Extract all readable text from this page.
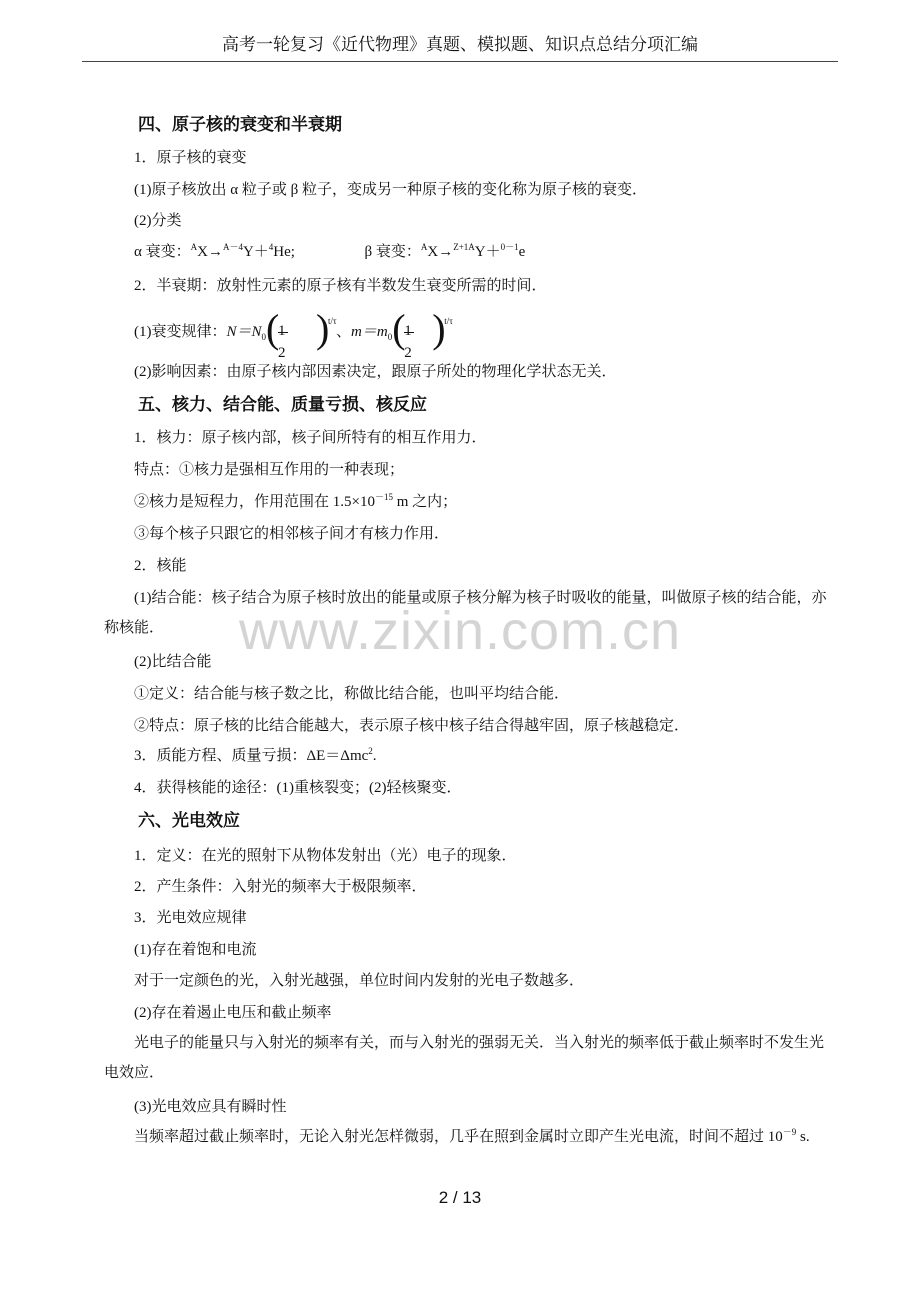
高考一轮复习《近代物理》真题、模拟题、知识点总结分项汇编
四、原子核的衰变和半衰期
1．原子核的衰变
(1)原子核放出 α 粒子或 β 粒子，变成另一种原子核的变化称为原子核的衰变．
(2)分类
α 衰变：$^A$X→$^{A-4}$Y＋$^4$He;	β 衰变：$^A$X→$^{Z+1A}$Y＋$^{0-1}$e
2．半衰期：放射性元素的原子核有半数发生衰变所需的时间．
(1)衰变规律：$N=N_0$ (
1
2
)
t/τ
、$m=m_0$ (
1
2
)
t/τ
(2)影响因素：由原子核内部因素决定，跟原子所处的物理化学状态无关．
五、核力、结合能、质量亏损、核反应
1．核力：原子核内部，核子间所特有的相互作用力．
特点：①核力是强相互作用的一种表现；
②核力是短程力，作用范围在 $1.5\times 10^{-15}$ m 之内；
③每个核子只跟它的相邻核子间才有核力作用．
2．核能
(1)结合能：核子结合为原子核时放出的能量或原子核分解为核子时吸收的能量，叫做原子核的结合能，亦称核能．
(2)比结合能
①定义：结合能与核子数之比，称做比结合能，也叫平均结合能．
②特点：原子核的比结合能越大，表示原子核中核子结合得越牢固，原子核越稳定．
3．质能方程、质量亏损：ΔE＝Δmc$^2$.
4．获得核能的途径：(1)重核裂变；(2)轻核聚变．
六、光电效应
1．定义：在光的照射下从物体发射出（光）电子的现象．
2．产生条件：入射光的频率大于极限频率．
3．光电效应规律
(1)存在着饱和电流
对于一定颜色的光，入射光越强，单位时间内发射的光电子数越多．
(2)存在着遏止电压和截止频率
光电子的能量只与入射光的频率有关，而与入射光的强弱无关．当入射光的频率低于截止频率时不发生光电效应．
(3)光电效应具有瞬时性
当频率超过截止频率时，无论入射光怎样微弱，几乎在照到金属时立即产生光电流，时间不超过 $10^{-9}$ s.
www.zixin.com.cn
2 / 13
